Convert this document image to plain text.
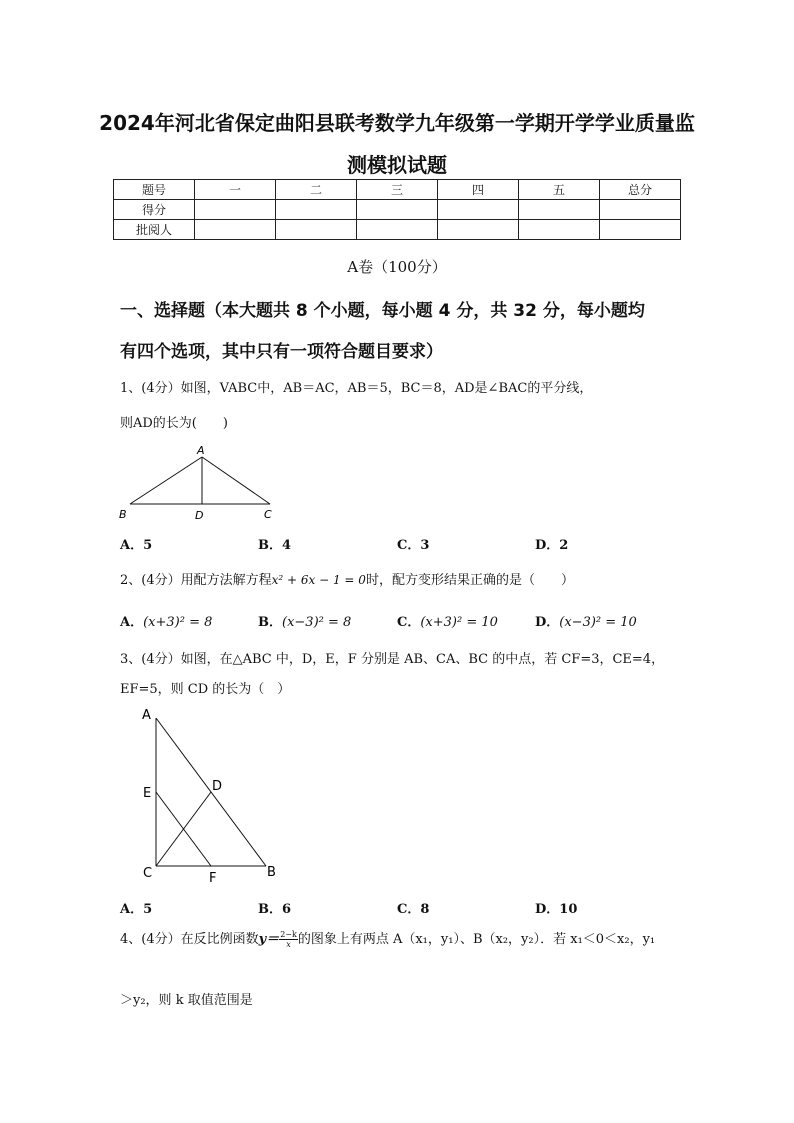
2024年河北省保定曲阳县联考数学九年级第一学期开学学业质量监
测模拟试题
题号	一	二	三	四	五	总分
得分						
批阅人						
A卷（100分）
一、选择题（本大题共 8 个小题，每小题 4 分，共 32 分，每小题均
有四个选项，其中只有一项符合题目要求）
1、(4分）如图，VABC中，AB＝AC，AB＝5，BC＝8，AD是∠BAC的平分线，
则AD的长为(　　)
A
B	D	C
A．5	B．4	C．3	D．2
2、(4分）用配方法解方程x² + 6x − 1 = 0时，配方变形结果正确的是（　　）
A．(x+3)² = 8	B．(x−3)² = 8	C．(x+3)² = 10	D．(x−3)² = 10
3、(4分）如图，在△ABC 中，D，E，F 分别是 AB、CA、BC 的中点，若 CF=3，CE=4，
EF=5，则 CD 的长为（　）
A
E	D
C	F	B
A．5	B．6	C．8	D．10
4、(4分）在反比例函数$y= \frac{2-k}{x}$ 的图象上有两点 A（x₁，y₁）、B（x₂，y₂）．若 x₁＜0＜x₂，y₁
＞y₂，则 k 取值范围是
